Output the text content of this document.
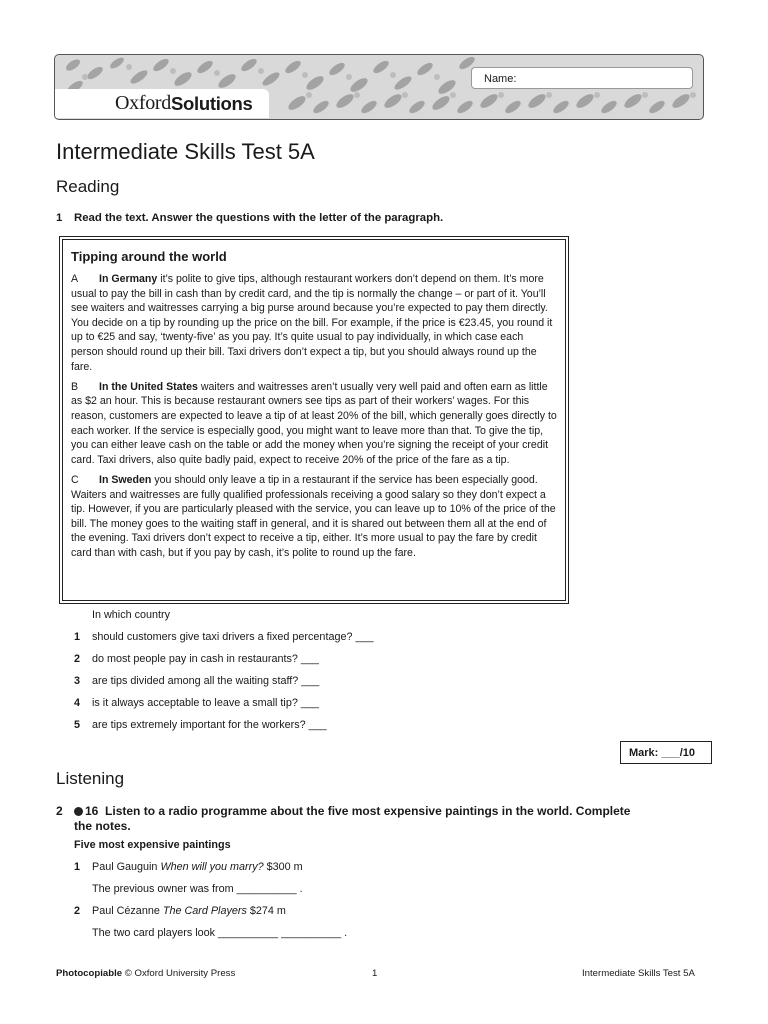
Oxford Solutions
Name:
Intermediate Skills Test 5A
Reading
1 Read the text. Answer the questions with the letter of the paragraph.

Tipping around the world

A In Germany it’s polite to give tips, although restaurant workers don’t depend on them. It’s more usual to pay the bill in cash than by credit card, and the tip is normally the change – or part of it. You’ll see waiters and waitresses carrying a big purse around because you’re expected to pay them directly. You decide on a tip by rounding up the price on the bill. For example, if the price is €23.45, you round it up to €25 and say, ‘twenty-five’ as you pay. It’s quite usual to pay individually, in which case each person should round up their bill. Taxi drivers don’t expect a tip, but you should always round up the fare.

B In the United States waiters and waitresses aren’t usually very well paid and often earn as little as $2 an hour. This is because restaurant owners see tips as part of their workers’ wages. For this reason, customers are expected to leave a tip of at least 20% of the bill, which generally goes directly to each worker. If the service is especially good, you might want to leave more than that. To give the tip, you can either leave cash on the table or add the money when you’re signing the receipt of your credit card. Taxi drivers, also quite badly paid, expect to receive 20% of the price of the fare as a tip.

C In Sweden you should only leave a tip in a restaurant if the service has been especially good. Waiters and waitresses are fully qualified professionals receiving a good salary so they don’t expect a tip. However, if you are particularly pleased with the service, you can leave up to 10% of the price of the bill. The money goes to the waiting staff in general, and it is shared out between them all at the end of the evening. Taxi drivers don’t expect to receive a tip, either. It’s more usual to pay the fare by credit card than with cash, but if you pay by cash, it’s polite to round up the fare.

In which country
1 should customers give taxi drivers a fixed percentage? ___
2 do most people pay in cash in restaurants? ___
3 are tips divided among all the waiting staff? ___
4 is it always acceptable to leave a small tip? ___
5 are tips extremely important for the workers? ___
Mark: ___/10
Listening
2 16 Listen to a radio programme about the five most expensive paintings in the world. Complete
the notes.
Five most expensive paintings
1 Paul Gauguin When will you marry? $300 m
The previous owner was from __________ .
2 Paul Cézanne The Card Players $274 m
The two card players look __________ __________ .
Photocopiable © Oxford University Press	1	Intermediate Skills Test 5A
